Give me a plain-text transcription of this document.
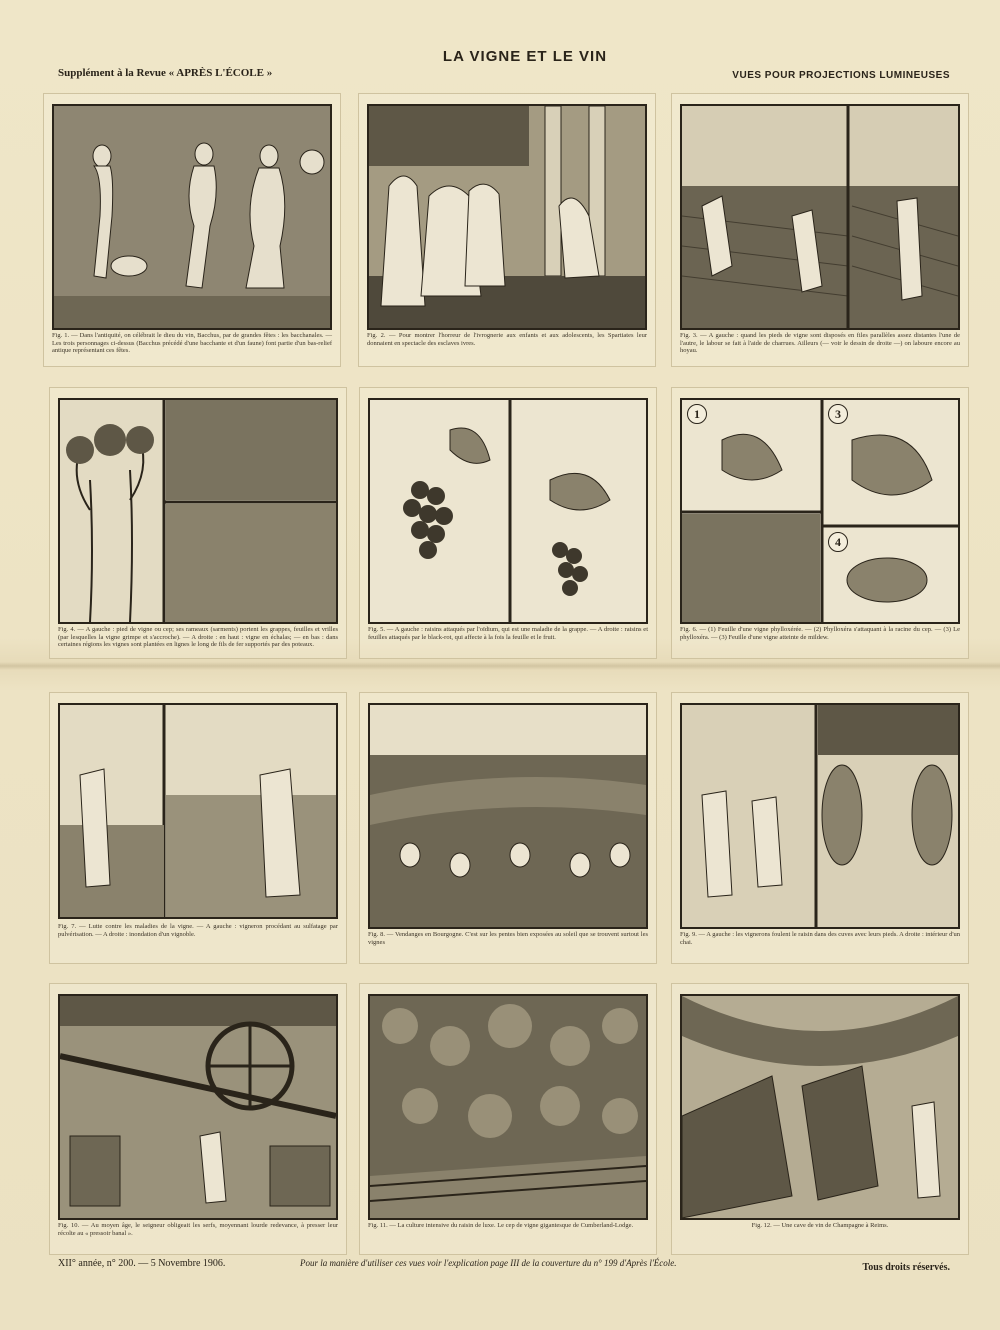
LA VIGNE ET LE VIN
Supplément à la Revue « APRÈS L'ÉCOLE »	VUES POUR PROJECTIONS LUMINEUSES
Fig. 1. — Dans l'antiquité, on célébrait le dieu du vin, Bacchus, par de grandes fêtes : les bacchanales. — Les trois personnages ci-dessus (Bacchus précédé d'une bacchante et d'un faune) font partie d'un bas-relief antique représentant ces fêtes.
Fig. 2. — Pour montrer l'horreur de l'ivrognerie aux enfants et aux adolescents, les Spartiates leur donnaient en spectacle des esclaves ivres.
Fig. 3. — A gauche : quand les pieds de vigne sont disposés en files parallèles assez distantes l'une de l'autre, le labour se fait à l'aide de charrues. Ailleurs (— voir le dessin de droite —) on laboure encore au hoyau.
Fig. 4. — A gauche : pied de vigne ou cep; ses rameaux (sarments) portent les grappes, feuilles et vrilles (par lesquelles la vigne grimpe et s'accroche). — A droite : en haut : vigne en échalas; — en bas : dans certaines régions les vignes sont plantées en lignes le long de fils de fer supportés par des poteaux.
Fig. 5. — A gauche : raisins attaqués par l'oïdium, qui est une maladie de la grappe. — A droite : raisins et feuilles attaqués par le black-rot, qui affecte à la fois la feuille et le fruit.
1	3
4
Fig. 6. — (1) Feuille d'une vigne phylloxérée. — (2) Phylloxéra s'attaquant à la racine du cep. — (3) Le phylloxéra. — (3) Feuille d'une vigne atteinte de mildew.
Fig. 7. — Lutte contre les maladies de la vigne. — A gauche : vigneron procédant au sulfatage par pulvérisation. — A droite : inondation d'un vignoble.	Fig. 8. — Vendanges en Bourgogne. C'est sur les pentes bien exposées au soleil que se trouvent surtout les vignes
Fig. 9. — A gauche : les vignerons foulent le raisin dans des cuves avec leurs pieds. A droite : intérieur d'un chai.
Fig. 10. — Au moyen âge, le seigneur obligeait les serfs, moyennant lourde redevance, à presser leur récolte au « pressoir banal ».
Fig. 11. — La culture intensive du raisin de luxe. Le cep de vigne gigantesque de Cumberland-Lodge.	Fig. 12. — Une cave de vin de Champagne à Reims.
XII° année, n° 200. — 5 Novembre 1906.	Pour la manière d'utiliser ces vues voir l'explication page III de la couverture du n° 199 d'Après l'École.	Tous droits réservés.
